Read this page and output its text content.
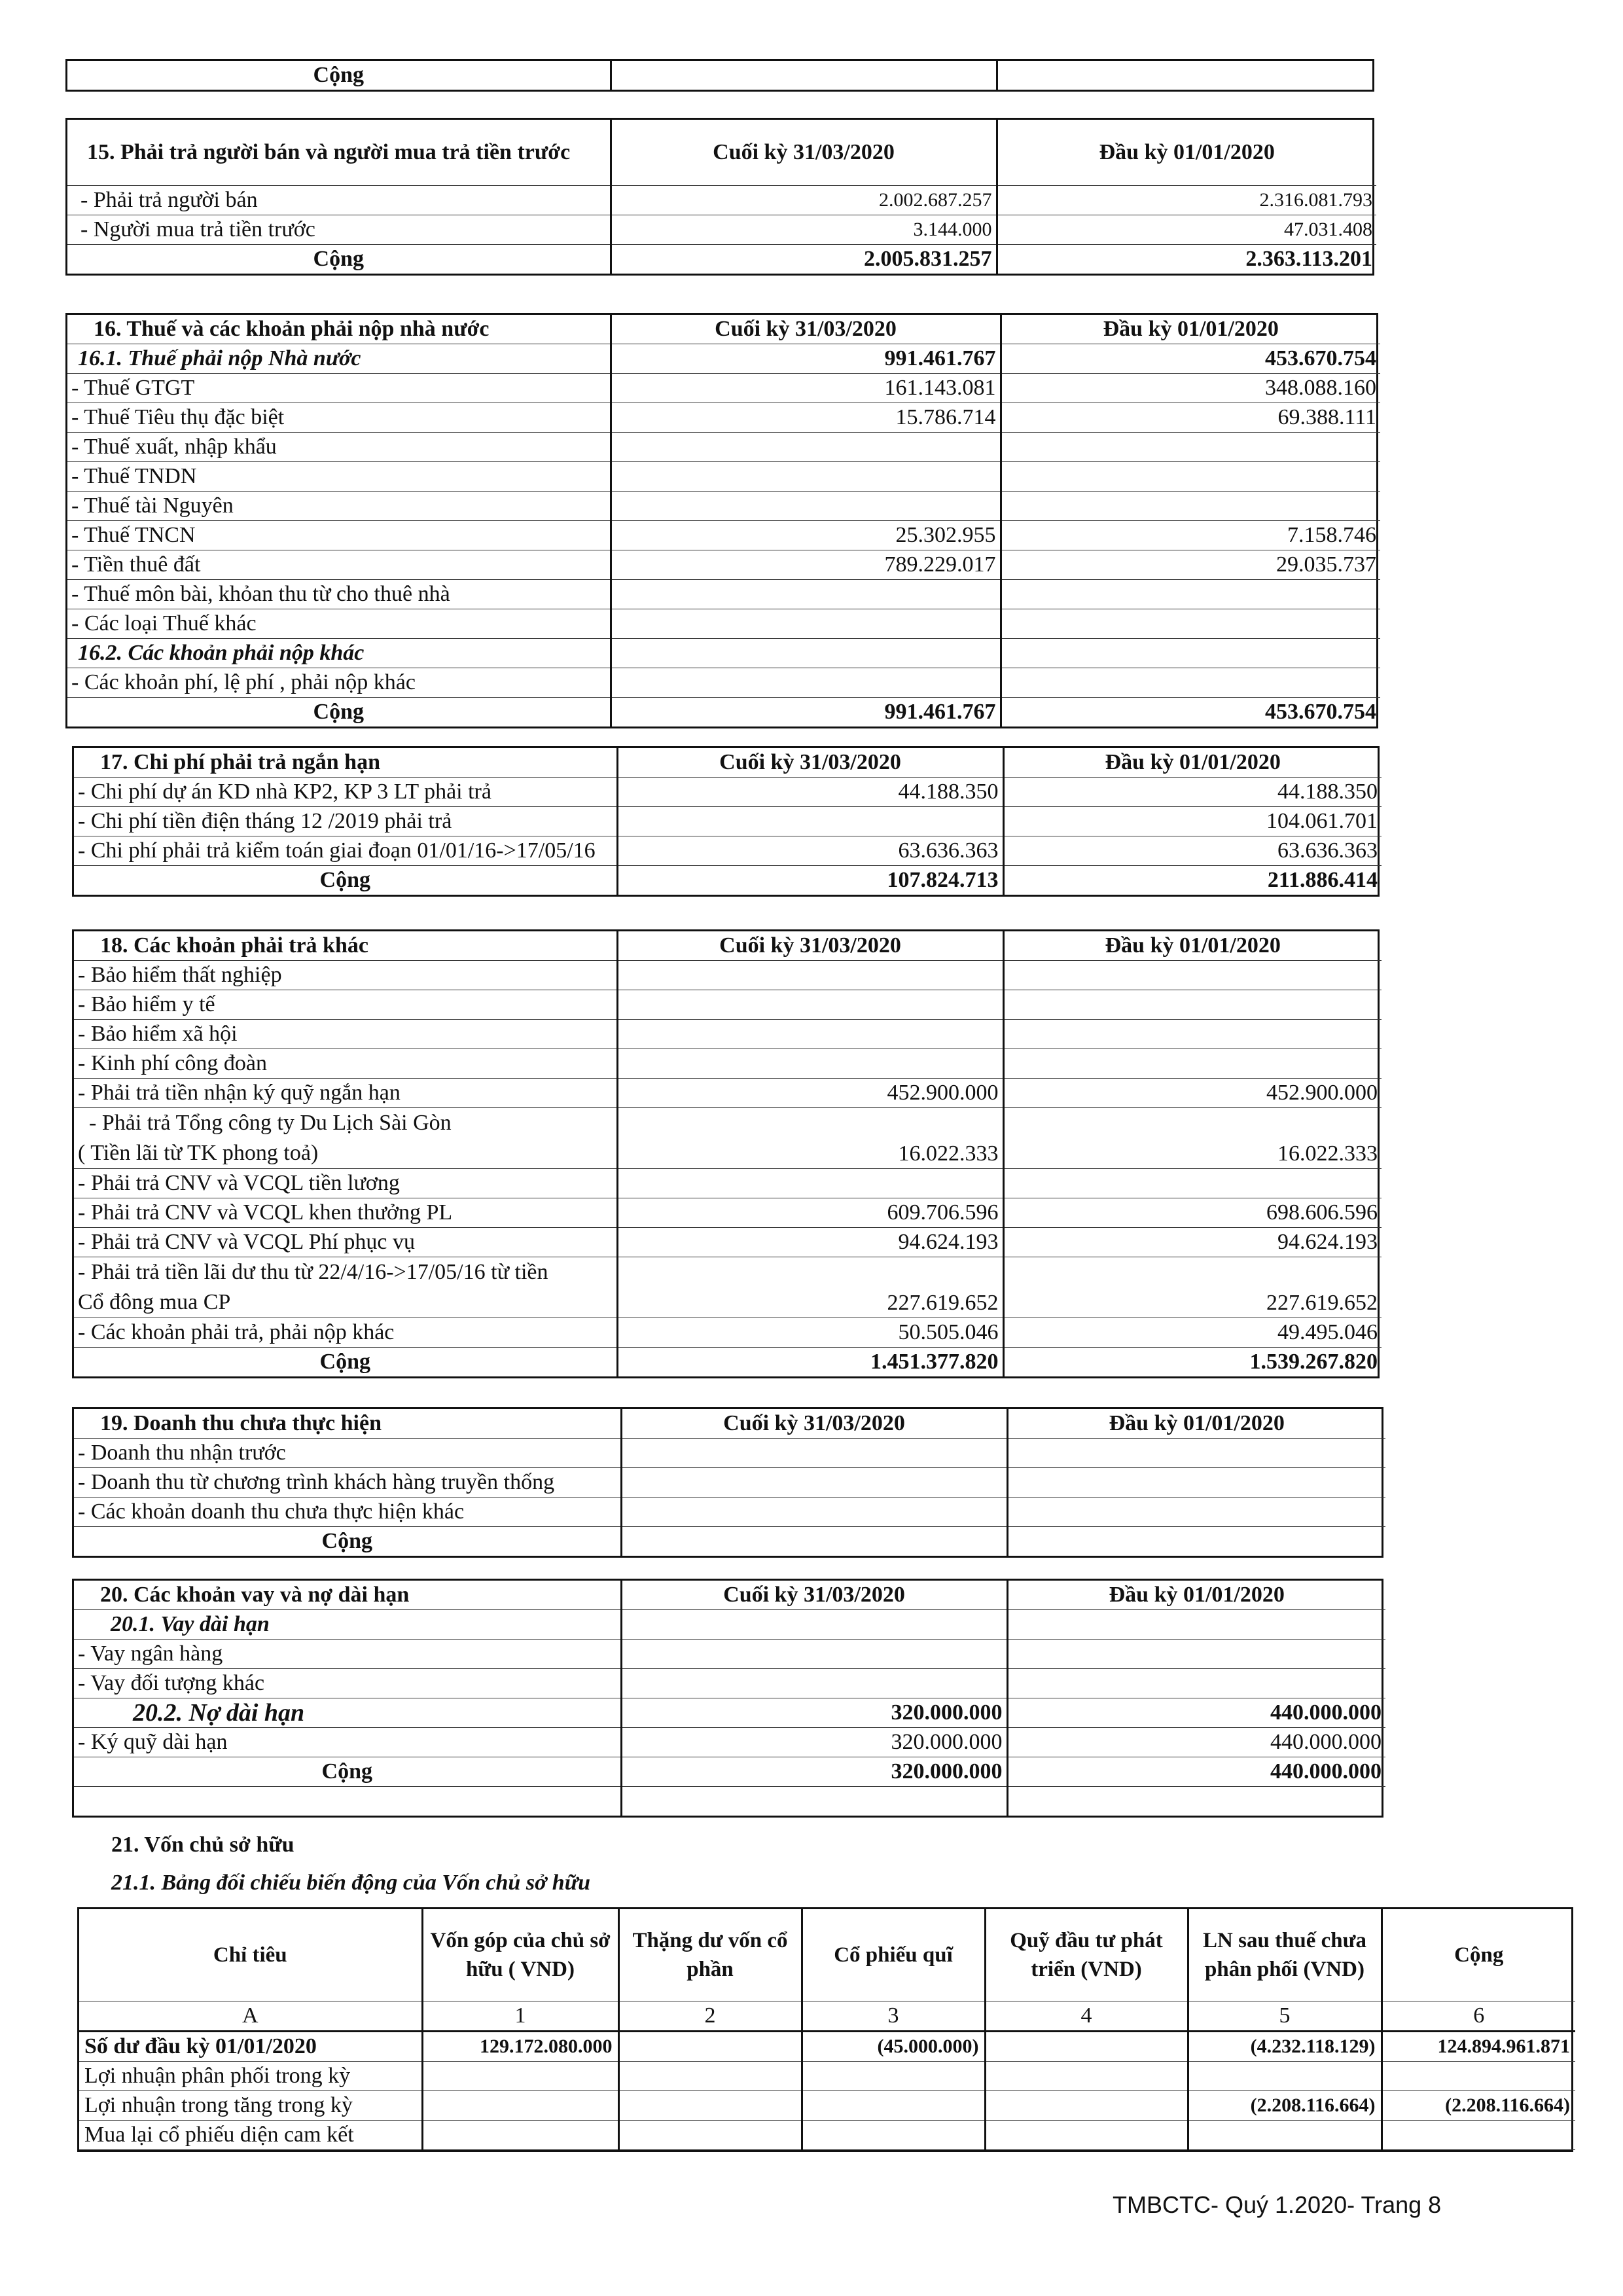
Cộng		
15. Phải trả người bán và người mua trả tiền trước	Cuối kỳ 31/03/2020	Đầu kỳ 01/01/2020
- Phải trả người bán	2.002.687.257	2.316.081.793
- Người mua trả tiền trước	3.144.000	47.031.408
Cộng	2.005.831.257	2.363.113.201
16. Thuế và các khoản phải nộp nhà nước	Cuối kỳ 31/03/2020	Đầu kỳ 01/01/2020
16.1. Thuế phải nộp Nhà nước	991.461.767	453.670.754
- Thuế GTGT	161.143.081	348.088.160
- Thuế Tiêu thụ đặc biệt	15.786.714	69.388.111
- Thuế xuất, nhập khẩu		
- Thuế TNDN		
- Thuế tài Nguyên		
- Thuế TNCN	25.302.955	7.158.746
- Tiền thuê đất	789.229.017	29.035.737
- Thuế môn bài, khỏan thu từ cho thuê nhà		
- Các loại Thuế khác		
16.2. Các khoản phải nộp khác		
- Các khoản phí, lệ phí , phải nộp khác		
Cộng	991.461.767	453.670.754
17. Chi phí phải trả ngắn hạn	Cuối kỳ 31/03/2020	Đầu kỳ 01/01/2020
- Chi phí dự án KD nhà KP2, KP 3 LT phải trả	44.188.350	44.188.350
- Chi phí tiền điện tháng 12 /2019 phải trả		104.061.701
- Chi phí phải trả kiểm toán giai đoạn 01/01/16->17/05/16	63.636.363	63.636.363
Cộng	107.824.713	211.886.414
18. Các khoản phải trả khác	Cuối kỳ 31/03/2020	Đầu kỳ 01/01/2020
- Bảo hiểm thất nghiệp		
- Bảo hiểm y tế		
- Bảo hiểm xã hội		
- Kinh phí công đoàn		
- Phải trả tiền nhận ký quỹ ngắn hạn	452.900.000	452.900.000
- Phải trả Tổng công ty Du Lịch Sài Gòn
( Tiền lãi từ TK phong toả)	16.022.333	16.022.333
- Phải trả CNV và VCQL tiền lương		
- Phải trả CNV và VCQL khen thưởng PL	609.706.596	698.606.596
- Phải trả CNV và VCQL Phí phục vụ	94.624.193	94.624.193
- Phải trả tiền lãi dư thu từ 22/4/16->17/05/16 từ tiền
Cổ đông mua CP	227.619.652	227.619.652
- Các khoản phải trả, phải nộp khác	50.505.046	49.495.046
Cộng	1.451.377.820	1.539.267.820
19. Doanh thu chưa thực hiện	Cuối kỳ 31/03/2020	Đầu kỳ 01/01/2020
- Doanh thu nhận trước		
- Doanh thu từ chương trình khách hàng truyền thống		
- Các khoản doanh thu chưa thực hiện khác		
Cộng		
20. Các khoản vay và nợ dài hạn	Cuối kỳ 31/03/2020	Đầu kỳ 01/01/2020
20.1. Vay dài hạn		
- Vay ngân hàng		
- Vay đối tượng khác		
20.2. Nợ dài hạn	320.000.000	440.000.000
- Ký quỹ dài hạn	320.000.000	440.000.000
Cộng	320.000.000	440.000.000

21. Vốn chủ sở hữu
21.1. Bảng đối chiếu biến động của Vốn chủ sở hữu
Chỉ tiêu	Vốn góp của chủ sở hữu ( VND)	Thặng dư vốn cổ phần	Cổ phiếu quĩ	Quỹ đầu tư phát triển (VND)	LN sau thuế chưa phân phối (VND)	Cộng
A	1	2	3	4	5	6
Số dư đầu kỳ 01/01/2020	129.172.080.000		(45.000.000)		(4.232.118.129)	124.894.961.871
Lợi nhuận phân phối trong kỳ						
Lợi nhuận trong tăng trong kỳ					(2.208.116.664)	(2.208.116.664)
Mua lại cổ phiếu diện cam kết						
TMBCTC- Quý 1.2020- Trang 8
